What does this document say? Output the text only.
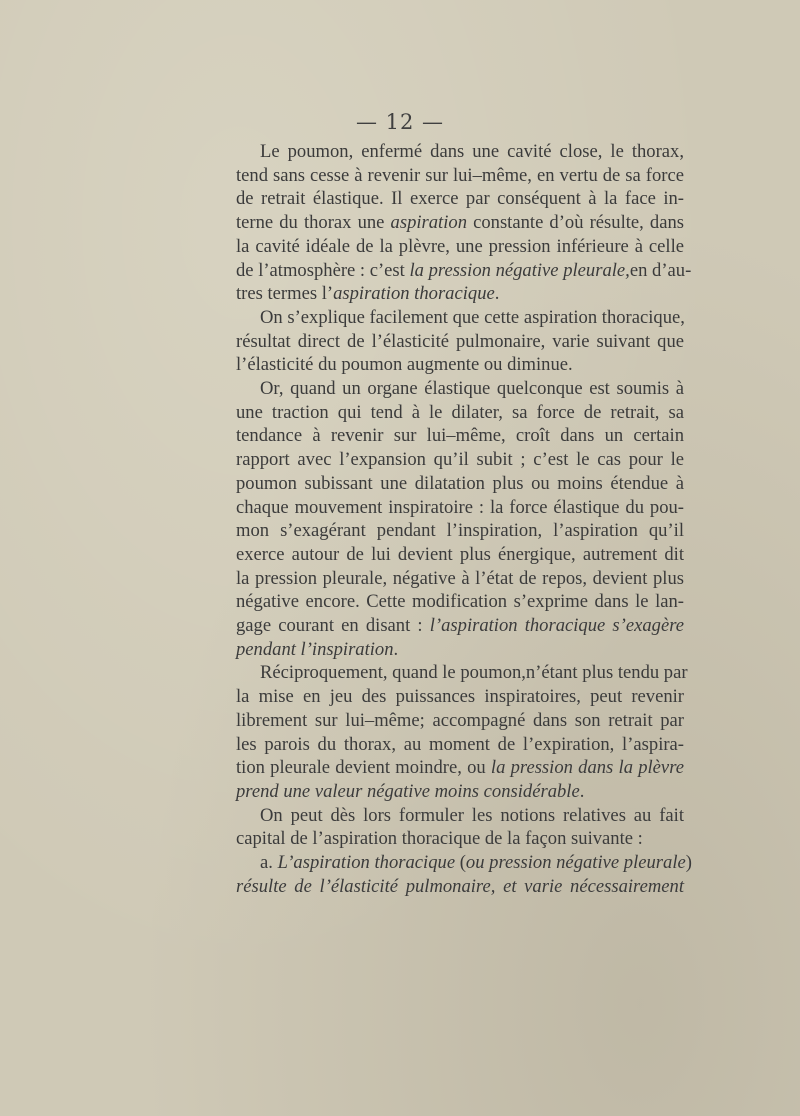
— 12 —
Le poumon, enfermé dans une cavité close, le thorax,
tend sans cesse à revenir sur lui–même, en vertu de sa force
de retrait élastique. Il exerce par conséquent à la face in-
terne du thorax une aspiration constante d’où résulte, dans
la cavité idéale de la plèvre, une pression inférieure à celle
de l’atmosphère : c’est la pression négative pleurale,en d’au-
tres termes l’aspiration thoracique.
On s’explique facilement que cette aspiration thoracique,
résultat direct de l’élasticité pulmonaire, varie suivant que
l’élasticité du poumon augmente ou diminue.
Or, quand un organe élastique quelconque est soumis à
une traction qui tend à le dilater, sa force de retrait, sa
tendance à revenir sur lui–même, croît dans un certain
rapport avec l’expansion qu’il subit ; c’est le cas pour le
poumon subissant une dilatation plus ou moins étendue à
chaque mouvement inspiratoire : la force élastique du pou-
mon s’exagérant pendant l’inspiration, l’aspiration qu’il
exerce autour de lui devient plus énergique, autrement dit
la pression pleurale, négative à l’état de repos, devient plus
négative encore. Cette modification s’exprime dans le lan-
gage courant en disant : l’aspiration thoracique s’exagère
pendant l’inspiration.
Réciproquement, quand le poumon,n’étant plus tendu par
la mise en jeu des puissances inspiratoires, peut revenir
librement sur lui–même; accompagné dans son retrait par
les parois du thorax, au moment de l’expiration, l’aspira-
tion pleurale devient moindre, ou la pression dans la plèvre
prend une valeur négative moins considérable.
On peut dès lors formuler les notions relatives au fait
capital de l’aspiration thoracique de la façon suivante :
a. L’aspiration thoracique (ou pression négative pleurale)
résulte de l’élasticité pulmonaire, et varie nécessairement
